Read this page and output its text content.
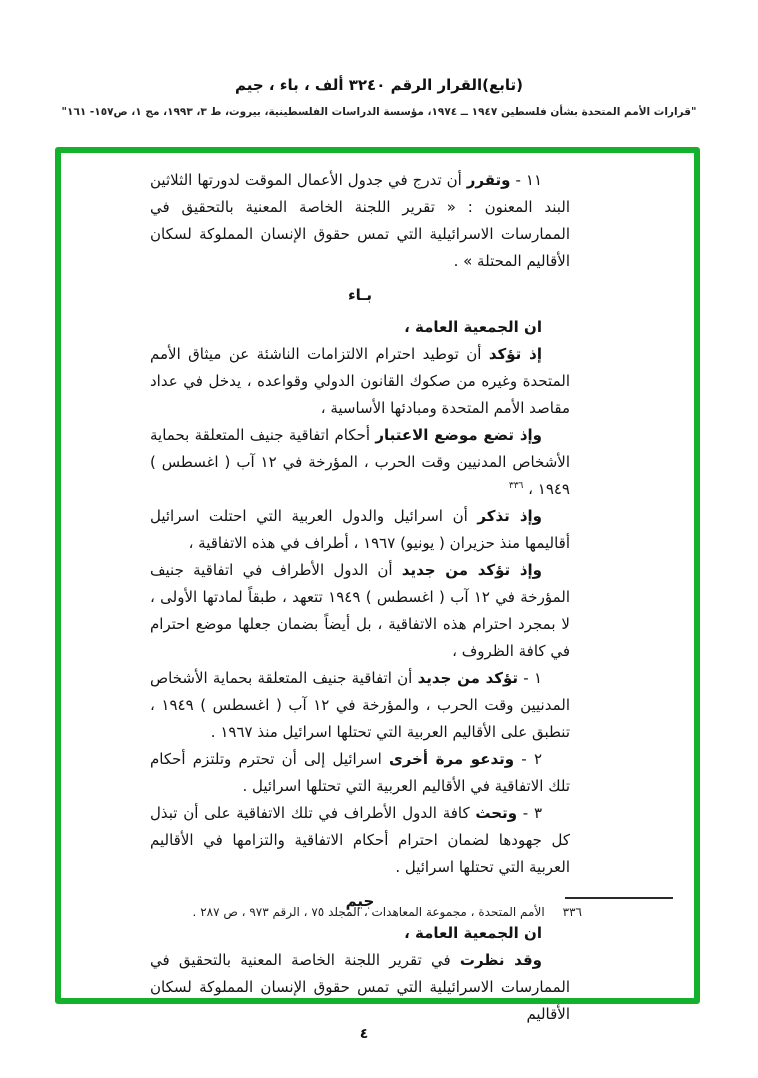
(تابع)القرار الرقم ٣٢٤٠ ألف ، باء ، جيم
"قرارات الأمم المتحدة بشأن فلسطين ١٩٤٧ ــ ١٩٧٤، مؤسسة الدراسات الفلسطينية، بيروت، ط ٣، ١٩٩٣، مج ١، ص١٥٧- ١٦١"

١١ - وتقرر أن تدرج في جدول الأعمال الموقت لدورتها الثلاثين البند المعنون : « تقرير اللجنة الخاصة المعنية بالتحقيق في الممارسات الاسرائيلية التي تمس حقوق الإنسان المملوكة لسكان الأقاليم المحتلة » .

بـاء

ان الجمعية العامة ،

إذ تؤكد أن توطيد احترام الالتزامات الناشئة عن ميثاق الأمم المتحدة وغيره من صكوك القانون الدولي وقواعده ، يدخل في عداد مقاصد الأمم المتحدة ومبادئها الأساسية ،

وإذ تضع موضع الاعتبار أحكام اتفاقية جنيف المتعلقة بحماية الأشخاص المدنيين وقت الحرب ، المؤرخة في ١٢ آب ( اغسطس ) ١٩٤٩ ، $^{٣٣٦}$

وإذ تذكر أن اسرائيل والدول العربية التي احتلت اسرائيل أقاليمها منذ حزيران ( يونيو) ١٩٦٧ ، أطراف في هذه الاتفاقية ،

وإذ تؤكد من جديد أن الدول الأطراف في اتفاقية جنيف المؤرخة في ١٢ آب ( اغسطس ) ١٩٤٩ تتعهد ، طبقاً لمادتها الأولى ، لا بمجرد احترام هذه الاتفاقية ، بل أيضاً بضمان جعلها موضع احترام في كافة الظروف ،

١ - تؤكد من جديد أن اتفاقية جنيف المتعلقة بحماية الأشخاص المدنيين وقت الحرب ، والمؤرخة في ١٢ آب ( اغسطس ) ١٩٤٩ ، تنطبق على الأقاليم العربية التي تحتلها اسرائيل منذ ١٩٦٧ .

٢ - وتدعو مرة أخرى اسرائيل إلى أن تحترم وتلتزم أحكام تلك الاتفاقية في الأقاليم العربية التي تحتلها اسرائيل .

٣ - وتحث كافة الدول الأطراف في تلك الاتفاقية على أن تبذل كل جهودها لضمان احترام أحكام الاتفاقية والتزامها في الأقاليم العربية التي تحتلها اسرائيل .

جيم

ان الجمعية العامة ،

وقد نظرت في تقرير اللجنة الخاصة المعنية بالتحقيق في الممارسات الاسرائيلية التي تمس حقوق الإنسان المملوكة لسكان الأقاليم

٣٣٦الأمم المتحدة ، مجموعة المعاهدات ، المجلد ٧٥ ، الرقم ٩٧٣ ، ص ٢٨٧ .
٤
